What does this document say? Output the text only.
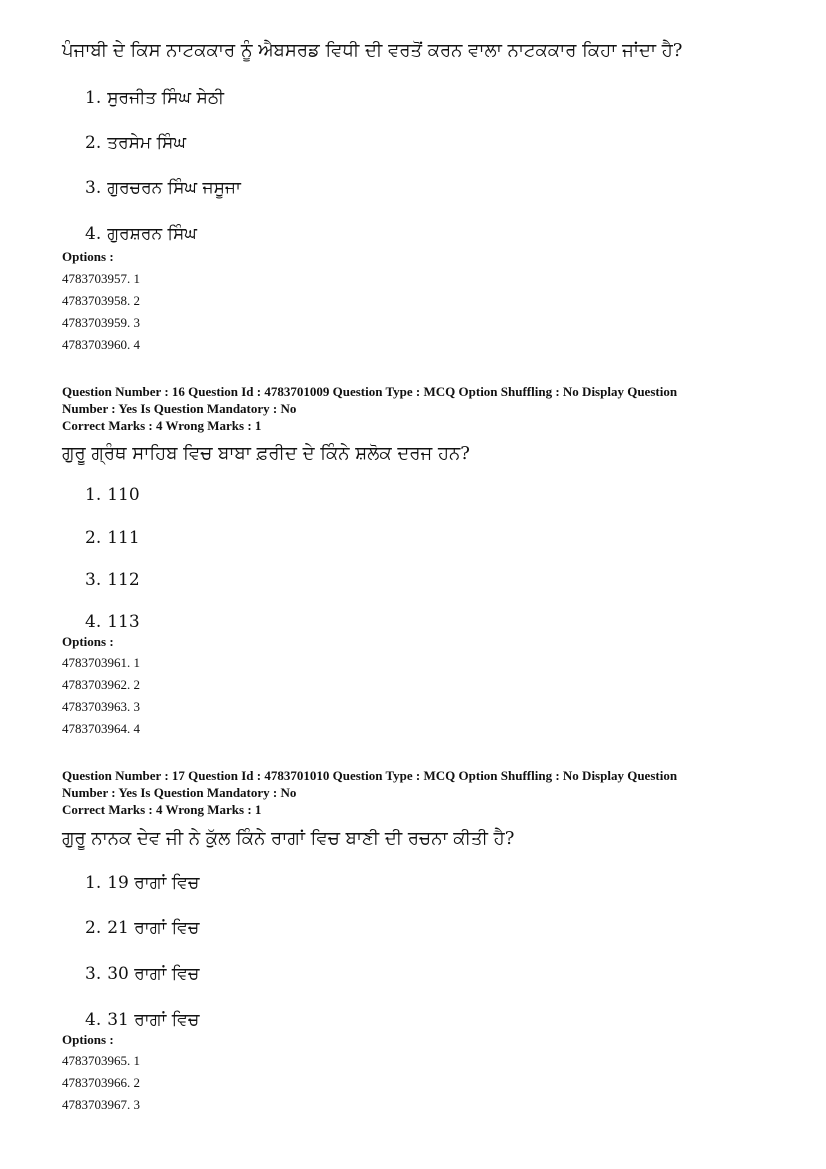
ਪੰਜਾਬੀ ਦੇ ਕਿਸ ਨਾਟਕਕਾਰ ਨੂੰ ਐਬਸਰਡ ਵਿਧੀ ਦੀ ਵਰਤੋਂ ਕਰਨ ਵਾਲਾ ਨਾਟਕਕਾਰ ਕਿਹਾ ਜਾਂਦਾ ਹੈ?
1. ਸੁਰਜੀਤ ਸਿੰਘ ਸੇਠੀ
2. ਤਰਸੇਮ ਸਿੰਘ
3. ਗੁਰਚਰਨ ਸਿੰਘ ਜਸੂਜਾ
4. ਗੁਰਸ਼ਰਨ ਸਿੰਘ
Options :
4783703957. 1
4783703958. 2
4783703959. 3
4783703960. 4
Question Number : 16 Question Id : 4783701009 Question Type : MCQ Option Shuffling : No Display Question
Number : Yes Is Question Mandatory : No
Correct Marks : 4 Wrong Marks : 1
ਗੁਰੂ ਗ੍ਰੰਥ ਸਾਹਿਬ ਵਿਚ ਬਾਬਾ ਫ਼ਰੀਦ ਦੇ ਕਿੰਨੇ ਸ਼ਲੋਕ ਦਰਜ ਹਨ?
1. 110
2. 111
3. 112
4. 113
Options :
4783703961. 1
4783703962. 2
4783703963. 3
4783703964. 4
Question Number : 17 Question Id : 4783701010 Question Type : MCQ Option Shuffling : No Display Question
Number : Yes Is Question Mandatory : No
Correct Marks : 4 Wrong Marks : 1
ਗੁਰੂ ਨਾਨਕ ਦੇਵ ਜੀ ਨੇ ਕੁੱਲ ਕਿੰਨੇ ਰਾਗਾਂ ਵਿਚ ਬਾਣੀ ਦੀ ਰਚਨਾ ਕੀਤੀ ਹੈ?
1. 19 ਰਾਗਾਂ ਵਿਚ
2. 21 ਰਾਗਾਂ ਵਿਚ
3. 30 ਰਾਗਾਂ ਵਿਚ
4. 31 ਰਾਗਾਂ ਵਿਚ
Options :
4783703965. 1
4783703966. 2
4783703967. 3
